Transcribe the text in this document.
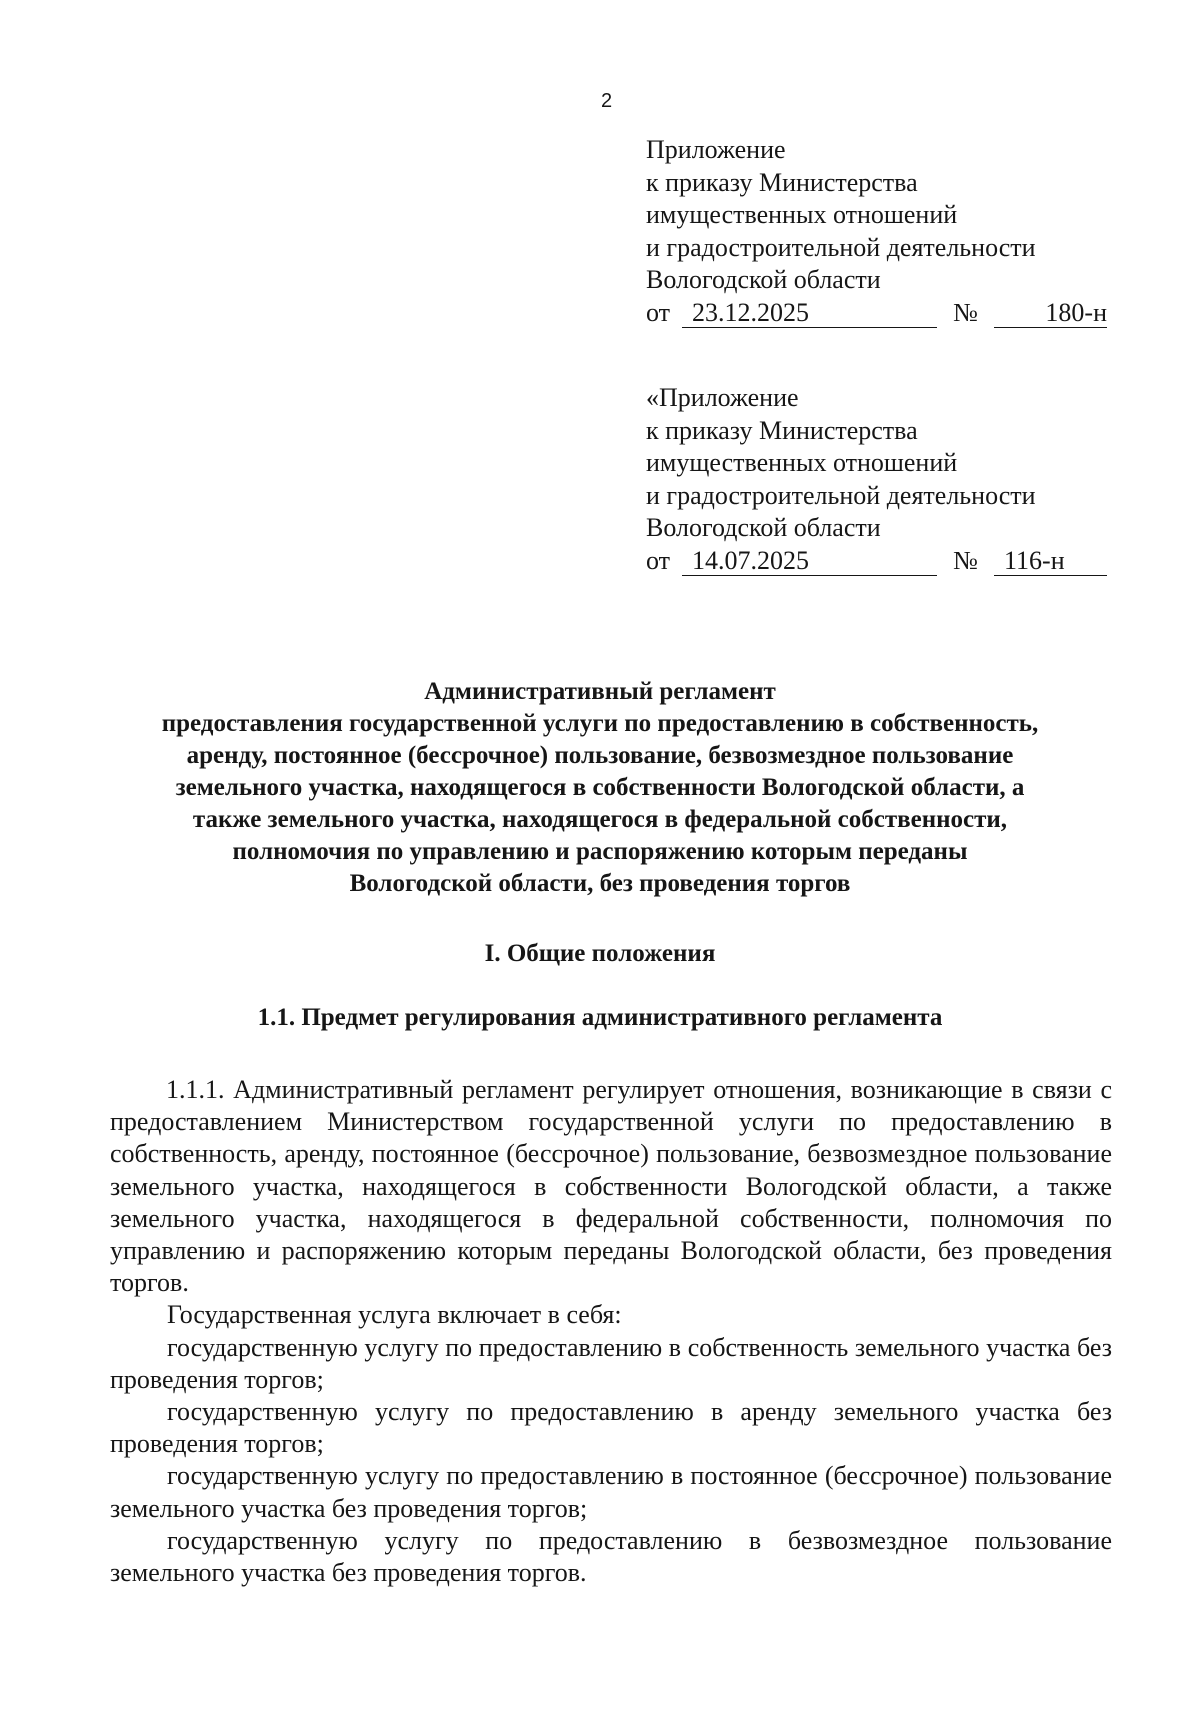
2
Приложение
к приказу Министерства
имущественных отношений
и градостроительной деятельности
Вологодской области
от 23.12.2025	№	180-н
«Приложение
к приказу Министерства
имущественных отношений
и градостроительной деятельности
Вологодской области
от 14.07.2025	№	116-н
Административный регламент
предоставления государственной услуги по предоставлению в собственность,
аренду, постоянное (бессрочное) пользование, безвозмездное пользование
земельного участка, находящегося в собственности Вологодской области, а
также земельного участка, находящегося в федеральной собственности,
полномочия по управлению и распоряжению которым переданы
Вологодской области, без проведения торгов
I. Общие положения
1.1. Предмет регулирования административного регламента

1.1.1. Административный регламент регулирует отношения, возникающие в связи с предоставлением Министерством государственной услуги по предоставлению в собственность, аренду, постоянное (бессрочное) пользование, безвозмездное пользование земельного участка, находящегося в собственности Вологодской области, а также земельного участка, находящегося в федеральной собственности, полномочия по управлению и распоряжению которым переданы Вологодской области, без проведения торгов.

Государственная услуга включает в себя:

государственную услугу по предоставлению в собственность земельного участка без проведения торгов;

государственную услугу по предоставлению в аренду земельного участка без проведения торгов;

государственную услугу по предоставлению в постоянное (бессрочное) пользование земельного участка без проведения торгов;

государственную услугу по предоставлению в безвозмездное пользование земельного участка без проведения торгов.
